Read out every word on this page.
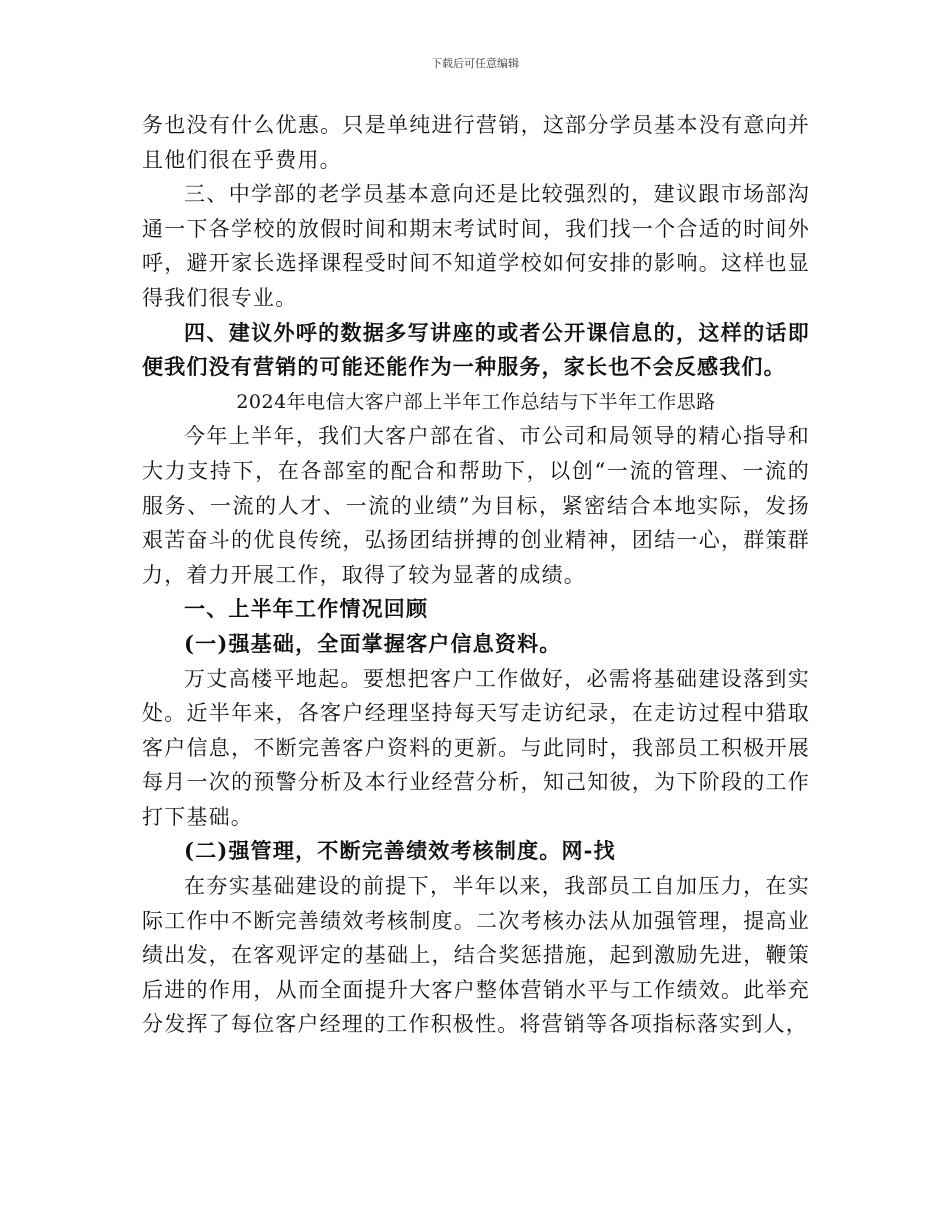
下载后可任意编辑

务也没有什么优惠。只是单纯进行营销，这部分学员基本没有意向并且他们很在乎费用。

三、中学部的老学员基本意向还是比较强烈的，建议跟市场部沟通一下各学校的放假时间和期末考试时间，我们找一个合适的时间外呼，避开家长选择课程受时间不知道学校如何安排的影响。这样也显得我们很专业。

四、建议外呼的数据多写讲座的或者公开课信息的，这样的话即便我们没有营销的可能还能作为一种服务，家长也不会反感我们。

2024年电信大客户部上半年工作总结与下半年工作思路

今年上半年，我们大客户部在省、市公司和局领导的精心指导和大力支持下，在各部室的配合和帮助下，以创“一流的管理、一流的服务、一流的人才、一流的业绩”为目标，紧密结合本地实际，发扬艰苦奋斗的优良传统，弘扬团结拼搏的创业精神，团结一心，群策群力，着力开展工作，取得了较为显著的成绩。

一、上半年工作情况回顾

(一)强基础，全面掌握客户信息资料。

万丈高楼平地起。要想把客户工作做好，必需将基础建设落到实处。近半年来，各客户经理坚持每天写走访纪录，在走访过程中猎取客户信息，不断完善客户资料的更新。与此同时，我部员工积极开展每月一次的预警分析及本行业经营分析，知己知彼，为下阶段的工作打下基础。

(二)强管理，不断完善绩效考核制度。网-找

在夯实基础建设的前提下，半年以来，我部员工自加压力，在实际工作中不断完善绩效考核制度。二次考核办法从加强管理，提高业绩出发，在客观评定的基础上，结合奖惩措施，起到激励先进，鞭策后进的作用，从而全面提升大客户整体营销水平与工作绩效。此举充分发挥了每位客户经理的工作积极性。将营销等各项指标落实到人，
